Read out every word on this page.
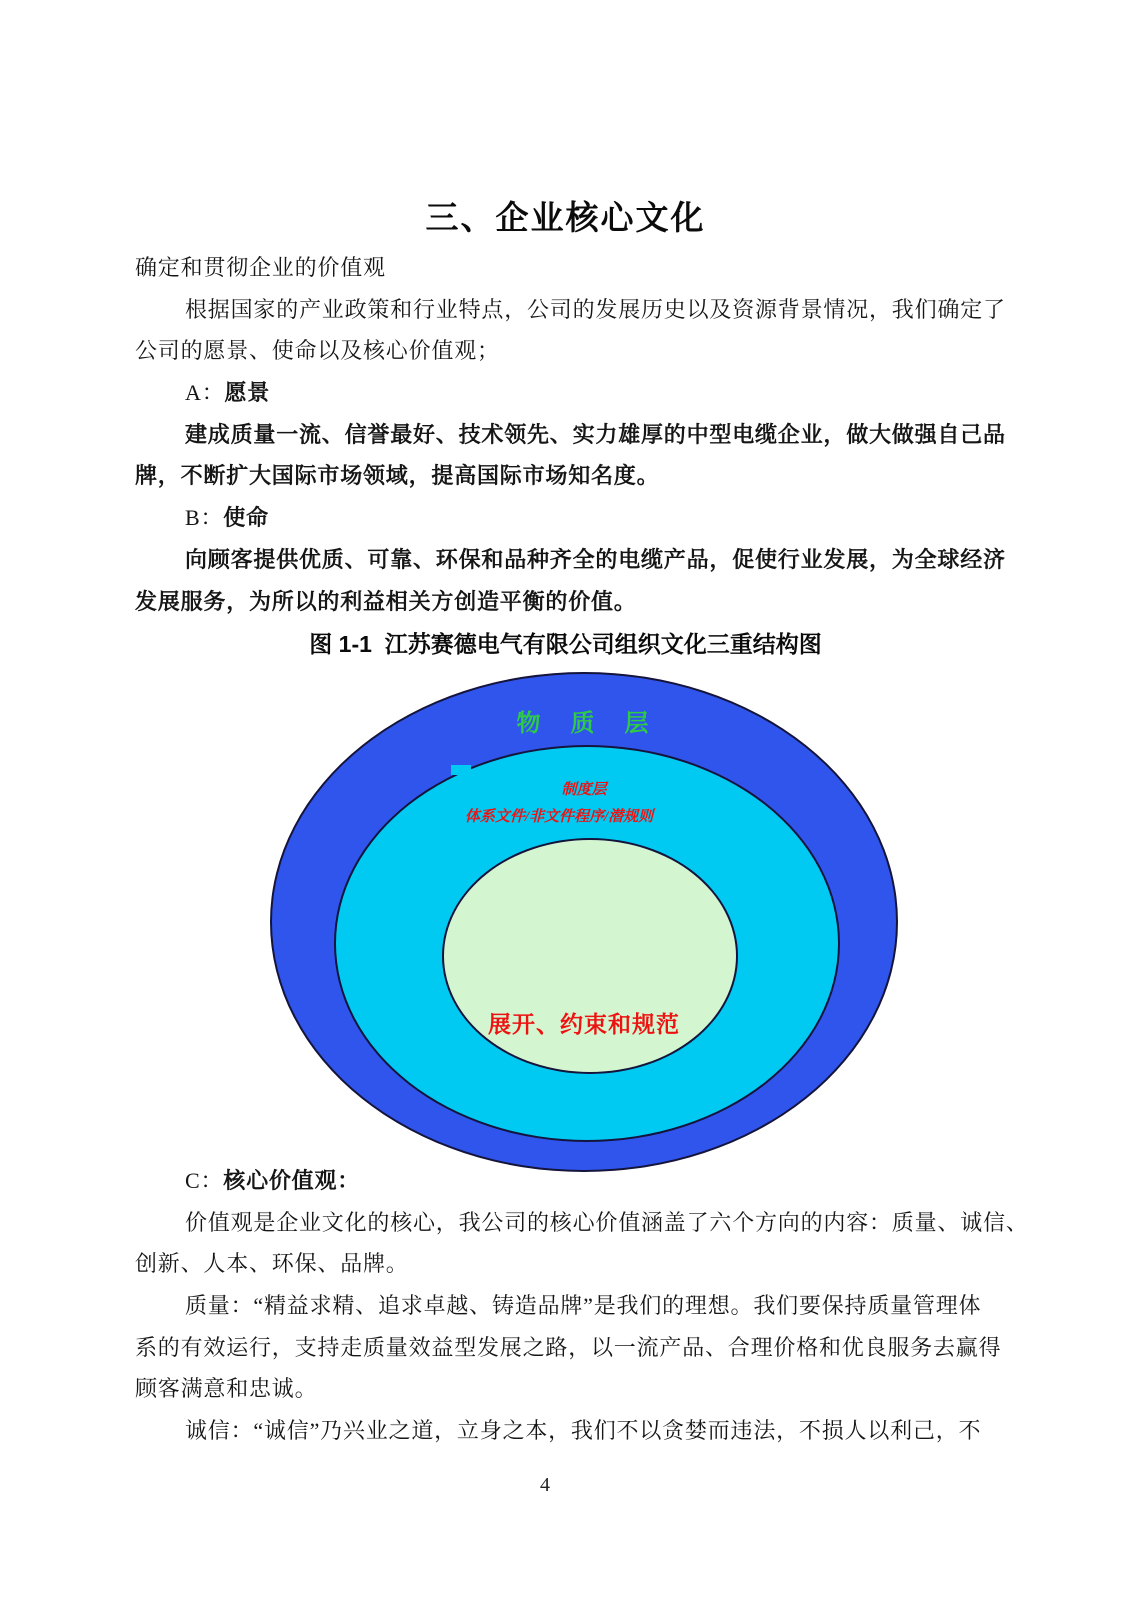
三、企业核心文化
确定和贯彻企业的价值观
根据国家的产业政策和行业特点，公司的发展历史以及资源背景情况，我们确定了
公司的愿景、使命以及核心价值观；
A：愿景
建成质量一流、信誉最好、技术领先、实力雄厚的中型电缆企业，做大做强自己品
牌，不断扩大国际市场领域，提高国际市场知名度。
B：使命
向顾客提供优质、可靠、环保和品种齐全的电缆产品，促使行业发展，为全球经济
发展服务，为所以的利益相关方创造平衡的价值。
图 1-1  江苏赛德电气有限公司组织文化三重结构图
物　质　层
制度层
体系文件/非文件程序/潜规则
展开、约束和规范
C：核心价值观：
价值观是企业文化的核心，我公司的核心价值涵盖了六个方向的内容：质量、诚信、
创新、人本、环保、品牌。
质量：“精益求精、追求卓越、铸造品牌”是我们的理想。我们要保持质量管理体
系的有效运行，支持走质量效益型发展之路，以一流产品、合理价格和优良服务去赢得
顾客满意和忠诚。
诚信：“诚信”乃兴业之道，立身之本，我们不以贪婪而违法，不损人以利己，不
4
